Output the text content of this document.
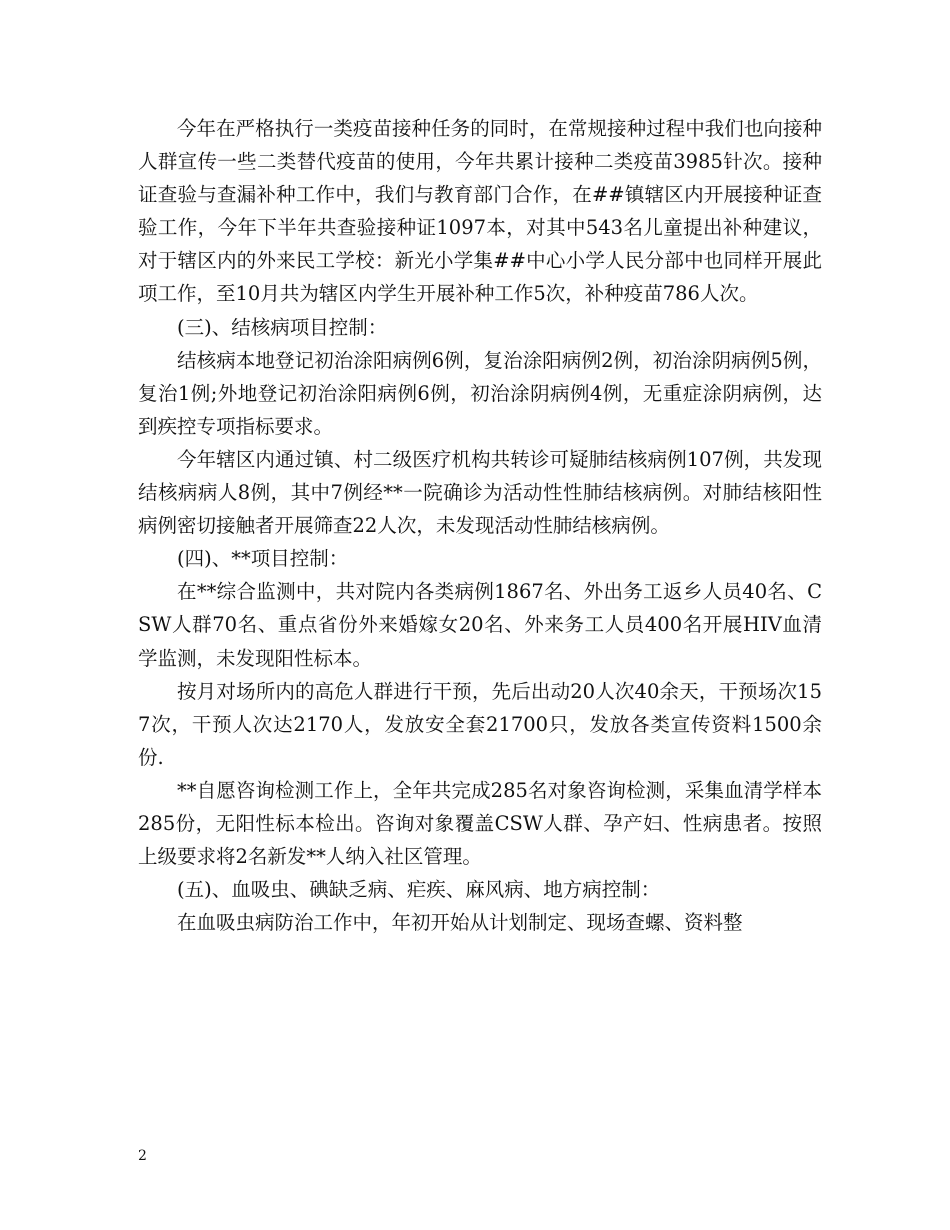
今年在严格执行一类疫苗接种任务的同时，在常规接种过程中我们也向接种人群宣传一些二类替代疫苗的使用，今年共累计接种二类疫苗3985针次。接种证查验与查漏补种工作中，我们与教育部门合作，在##镇辖区内开展接种证查验工作，今年下半年共查验接种证1097本，对其中543名儿童提出补种建议，对于辖区内的外来民工学校：新光小学集##中心小学人民分部中也同样开展此项工作，至10月共为辖区内学生开展补种工作5次，补种疫苗786人次。

(三)、结核病项目控制：

结核病本地登记初治涂阳病例6例，复治涂阳病例2例，初治涂阴病例5例，复治1例;外地登记初治涂阳病例6例，初治涂阴病例4例，无重症涂阴病例，达到疾控专项指标要求。

今年辖区内通过镇、村二级医疗机构共转诊可疑肺结核病例107例，共发现结核病病人8例，其中7例经**一院确诊为活动性性肺结核病例。对肺结核阳性病例密切接触者开展筛查22人次，未发现活动性肺结核病例。

(四)、**项目控制：

在**综合监测中，共对院内各类病例1867名、外出务工返乡人员40名、CSW人群70名、重点省份外来婚嫁女20名、外来务工人员400名开展HIV血清学监测，未发现阳性标本。

按月对场所内的高危人群进行干预，先后出动20人次40余天，干预场次157次，干预人次达2170人，发放安全套21700只，发放各类宣传资料1500余份.

**自愿咨询检测工作上，全年共完成285名对象咨询检测，采集血清学样本285份，无阳性标本检出。咨询对象覆盖CSW人群、孕产妇、性病患者。按照上级要求将2名新发**人纳入社区管理。

(五)、血吸虫、碘缺乏病、疟疾、麻风病、地方病控制：

在血吸虫病防治工作中，年初开始从计划制定、现场查螺、资料整

2
